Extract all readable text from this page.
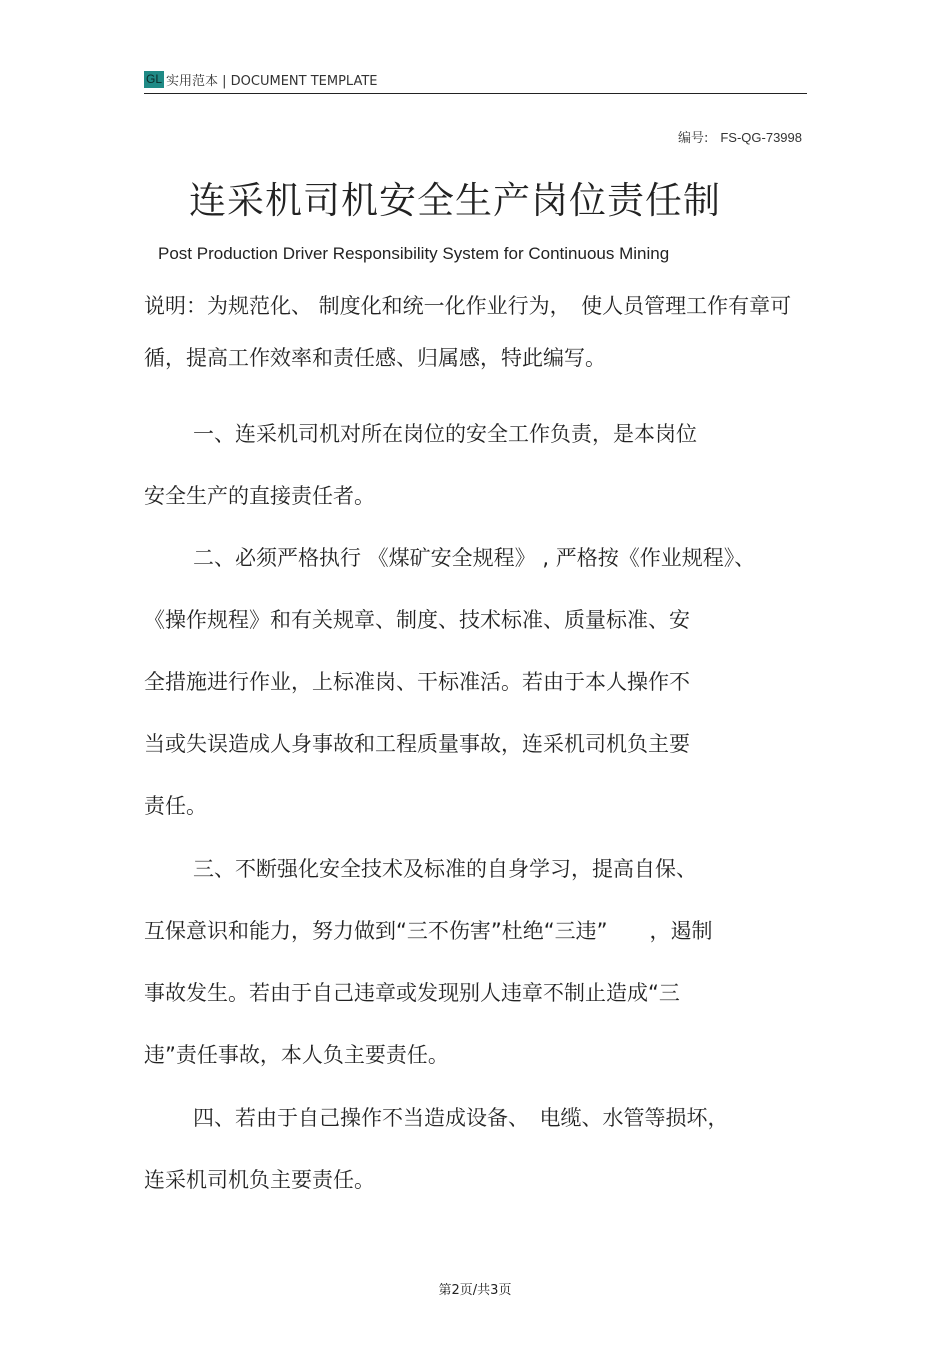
GL 实用范本 | DOCUMENT TEMPLATE
编号: FS-QG-73998
连采机司机安全生产岗位责任制
Post Production Driver Responsibility System for Continuous Mining
说明：为规范化、 制度化和统一化作业行为，　使人员管理工作有章可
循，提高工作效率和责任感、归属感，特此编写。
一、连采机司机对所在岗位的安全工作负责，是本岗位
安全生产的直接责任者。
二、必须严格执行 《煤矿安全规程》 , 严格按《作业规程》、
《操作规程》和有关规章、制度、技术标准、质量标准、安
全措施进行作业，上标准岗、干标准活。若由于本人操作不
当或失误造成人身事故和工程质量事故，连采机司机负主要
责任。
三、不断强化安全技术及标准的自身学习，提高自保、
互保意识和能力，努力做到“三不伤害”杜绝“三违”　　，遏制
事故发生。若由于自己违章或发现别人违章不制止造成“三
违”责任事故，本人负主要责任。
四、若由于自己操作不当造成设备、　电缆、水管等损坏，
连采机司机负主要责任。
第2页/共3页
